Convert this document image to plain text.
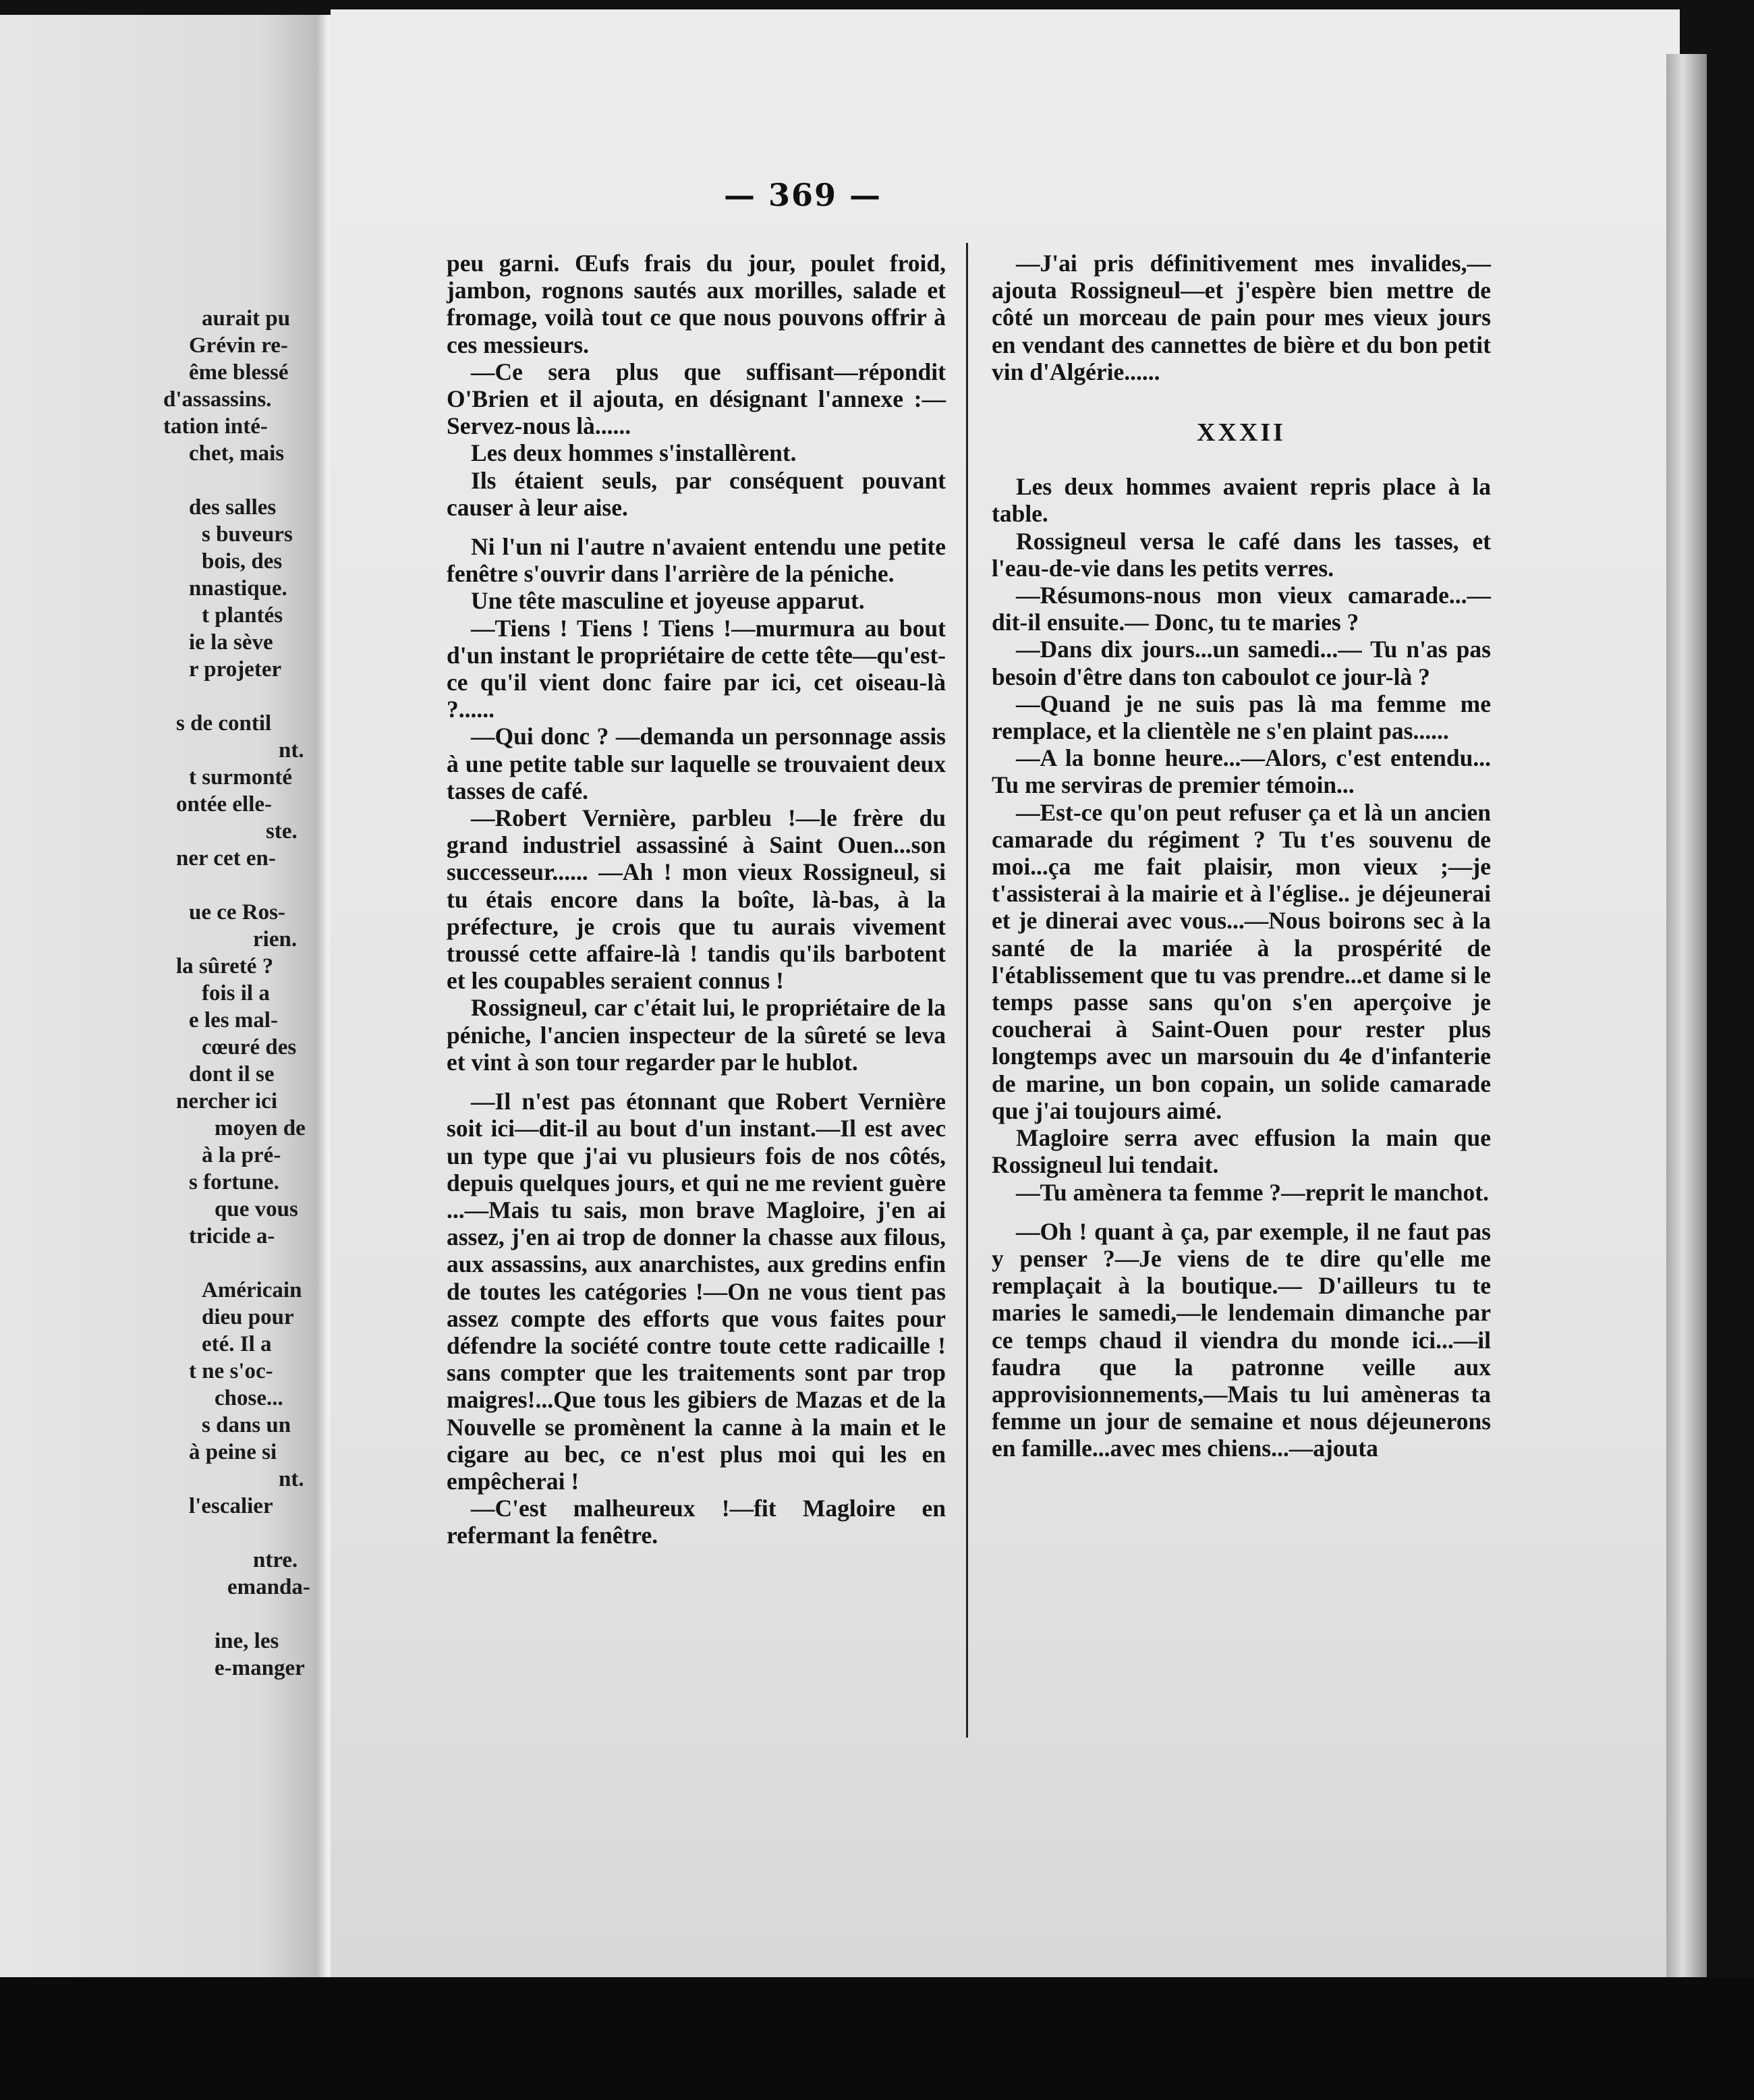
aurait pu
Grévin re-
ême blessé
d'assassins.
tation inté-
chet, mais

des salles
s buveurs
bois, des
nnastique.
t plantés
ie la sève
r projeter

s de contil
nt.
t surmonté
ontée elle-
ste.
ner cet en-

ue ce Ros-
rien.
la sûreté ?
fois il a
e les mal-
cœuré des
dont il se
nercher ici
moyen de
à la pré-
s fortune.
que vous
tricide a-

Américain
dieu pour
eté. Il a
t ne s'oc-
chose...
s dans un
à peine si
nt.
l'escalier

ntre.
emanda-

ine, les
e-manger
— 369 —

peu garni. Œufs frais du jour, poulet froid, jambon, rognons sautés aux morilles, salade et fromage, voilà tout ce que nous pouvons offrir à ces messieurs.

—Ce sera plus que suffisant—répondit O'Brien et il ajouta, en désignant l'annexe :—Servez-nous là......

Les deux hommes s'installèrent.

Ils étaient seuls, par conséquent pouvant causer à leur aise.

Ni l'un ni l'autre n'avaient entendu une petite fenêtre s'ouvrir dans l'arrière de la péniche.

Une tête masculine et joyeuse apparut.

—Tiens ! Tiens ! Tiens !—murmura au bout d'un instant le propriétaire de cette tête—qu'est-ce qu'il vient donc faire par ici, cet oiseau-là ?......

—Qui donc ? —demanda un personnage assis à une petite table sur laquelle se trouvaient deux tasses de café.

—Robert Vernière, parbleu !—le frère du grand industriel assassiné à Saint Ouen...son successeur...... —Ah ! mon vieux Rossigneul, si tu étais encore dans la boîte, là-bas, à la préfecture, je crois que tu aurais vivement troussé cette affaire-là ! tandis qu'ils barbotent et les coupables seraient connus !

Rossigneul, car c'était lui, le propriétaire de la péniche, l'ancien inspecteur de la sûreté se leva et vint à son tour regarder par le hublot.

—Il n'est pas étonnant que Robert Vernière soit ici—dit-il au bout d'un instant.—Il est avec un type que j'ai vu plusieurs fois de nos côtés, depuis quelques jours, et qui ne me revient guère ...—Mais tu sais, mon brave Magloire, j'en ai assez, j'en ai trop de donner la chasse aux filous, aux assassins, aux anarchistes, aux gredins enfin de toutes les catégories !—On ne vous tient pas assez compte des efforts que vous faites pour défendre la société contre toute cette radicaille ! sans compter que les traitements sont par trop maigres!...Que tous les gibiers de Mazas et de la Nouvelle se promènent la canne à la main et le cigare au bec, ce n'est plus moi qui les en empêcherai !

—C'est malheureux !—fit Magloire en refermant la fenêtre.

—J'ai pris définitivement mes invalides,—ajouta Rossigneul—et j'espère bien mettre de côté un morceau de pain pour mes vieux jours en vendant des cannettes de bière et du bon petit vin d'Algérie......

XXXII

Les deux hommes avaient repris place à la table.

Rossigneul versa le café dans les tasses, et l'eau-de-vie dans les petits verres.

—Résumons-nous mon vieux camarade...— dit-il ensuite.— Donc, tu te maries ?

—Dans dix jours...un samedi...— Tu n'as pas besoin d'être dans ton caboulot ce jour-là ?

—Quand je ne suis pas là ma femme me remplace, et la clientèle ne s'en plaint pas......

—A la bonne heure...—Alors, c'est entendu... Tu me serviras de premier témoin...

—Est-ce qu'on peut refuser ça et là un ancien camarade du régiment ? Tu t'es souvenu de moi...ça me fait plaisir, mon vieux ;—je t'assisterai à la mairie et à l'église.. je déjeunerai et je dinerai avec vous...—Nous boirons sec à la santé de la mariée à la prospérité de l'établissement que tu vas prendre...et dame si le temps passe sans qu'on s'en aperçoive je coucherai à Saint-Ouen pour rester plus longtemps avec un marsouin du 4e d'infanterie de marine, un bon copain, un solide camarade que j'ai toujours aimé.

Magloire serra avec effusion la main que Rossigneul lui tendait.

—Tu amènera ta femme ?—reprit le manchot.

—Oh ! quant à ça, par exemple, il ne faut pas y penser ?—Je viens de te dire qu'elle me remplaçait à la boutique.— D'ailleurs tu te maries le samedi,—le lendemain dimanche par ce temps chaud il viendra du monde ici...—il faudra que la patronne veille aux approvisionnements,—Mais tu lui amèneras ta femme un jour de semaine et nous déjeunerons en famille...avec mes chiens...—ajouta
